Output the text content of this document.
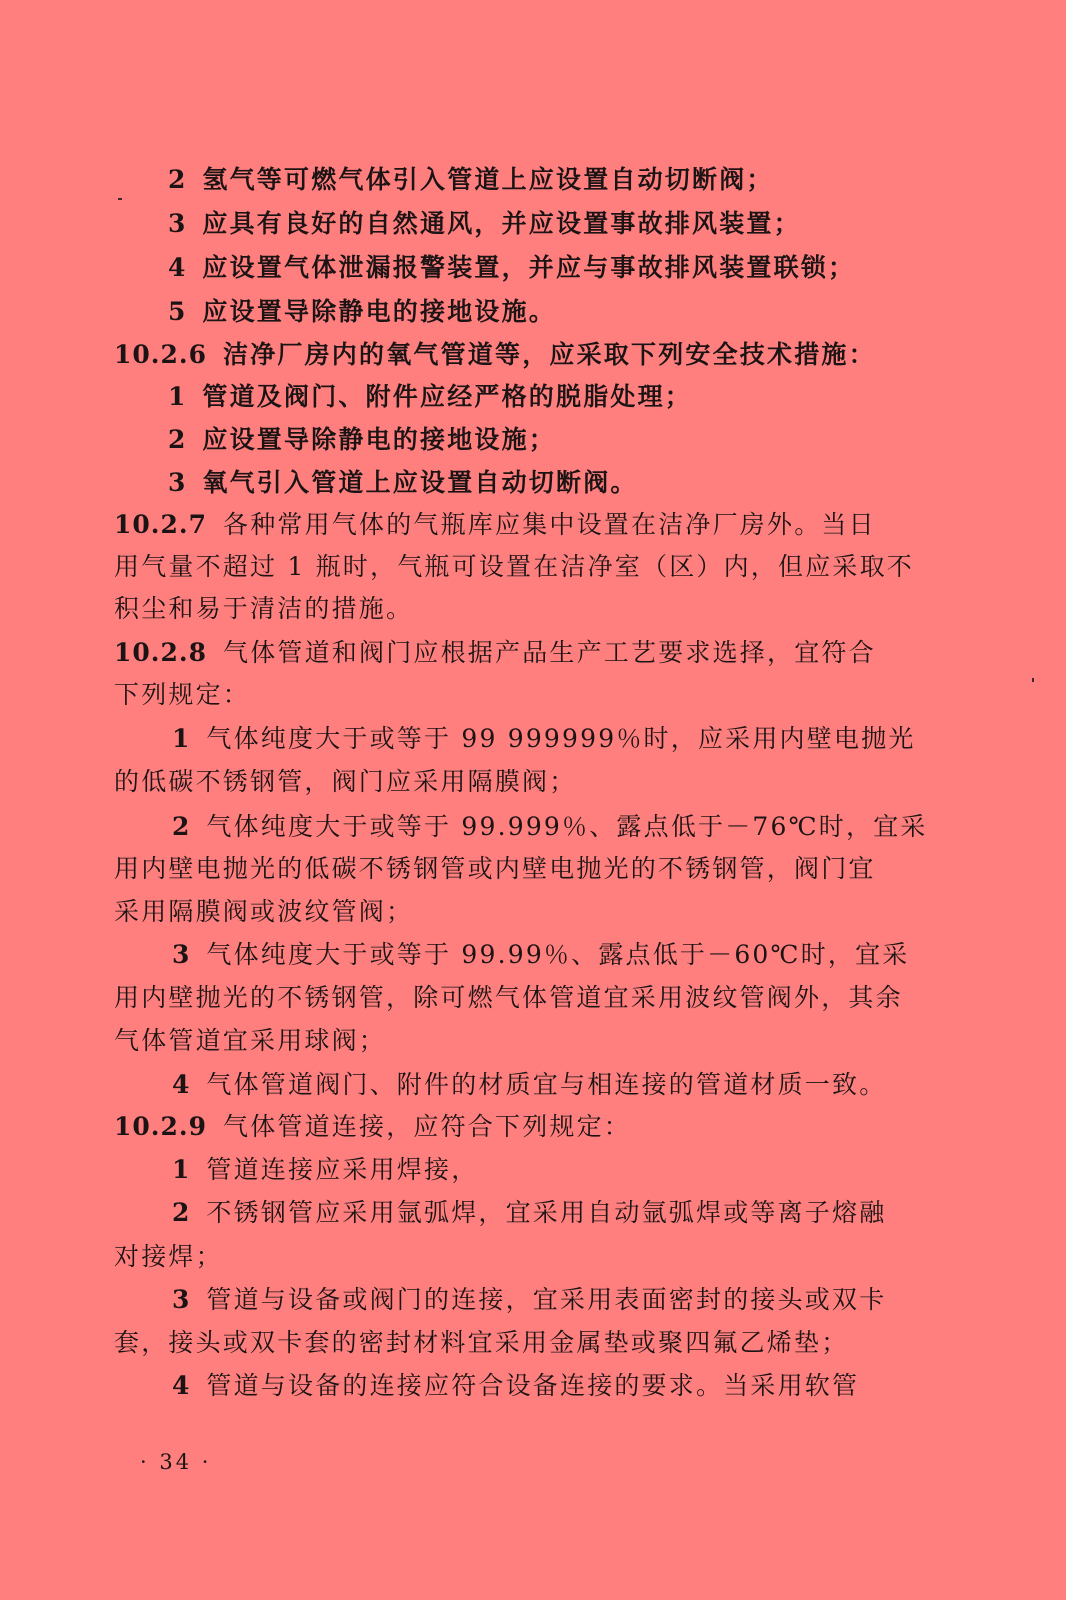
2 氢气等可燃气体引入管道上应设置自动切断阀；
3 应具有良好的自然通风，并应设置事故排风装置；
4 应设置气体泄漏报警装置，并应与事故排风装置联锁；
5 应设置导除静电的接地设施。
10.2.6 洁净厂房内的氧气管道等，应采取下列安全技术措施：
1 管道及阀门、附件应经严格的脱脂处理；
2 应设置导除静电的接地设施；
3 氧气引入管道上应设置自动切断阀。
10.2.7 各种常用气体的气瓶库应集中设置在洁净厂房外。当日
用气量不超过 1 瓶时，气瓶可设置在洁净室（区）内，但应采取不
积尘和易于清洁的措施。
10.2.8 气体管道和阀门应根据产品生产工艺要求选择，宜符合
下列规定：
1 气体纯度大于或等于 99 999999％时，应采用内壁电抛光
的低碳不锈钢管，阀门应采用隔膜阀；
2 气体纯度大于或等于 99.999％、露点低于－76℃时，宜采
用内壁电抛光的低碳不锈钢管或内壁电抛光的不锈钢管，阀门宜
采用隔膜阀或波纹管阀；
3 气体纯度大于或等于 99.99％、露点低于－60℃时，宜采
用内壁抛光的不锈钢管，除可燃气体管道宜采用波纹管阀外，其余
气体管道宜采用球阀；
4 气体管道阀门、附件的材质宜与相连接的管道材质一致。
10.2.9 气体管道连接，应符合下列规定：
1 管道连接应采用焊接，
2 不锈钢管应采用氩弧焊，宜采用自动氩弧焊或等离子熔融
对接焊；
3 管道与设备或阀门的连接，宜采用表面密封的接头或双卡
套，接头或双卡套的密封材料宜采用金属垫或聚四氟乙烯垫；
4 管道与设备的连接应符合设备连接的要求。当采用软管
· 34 ·
